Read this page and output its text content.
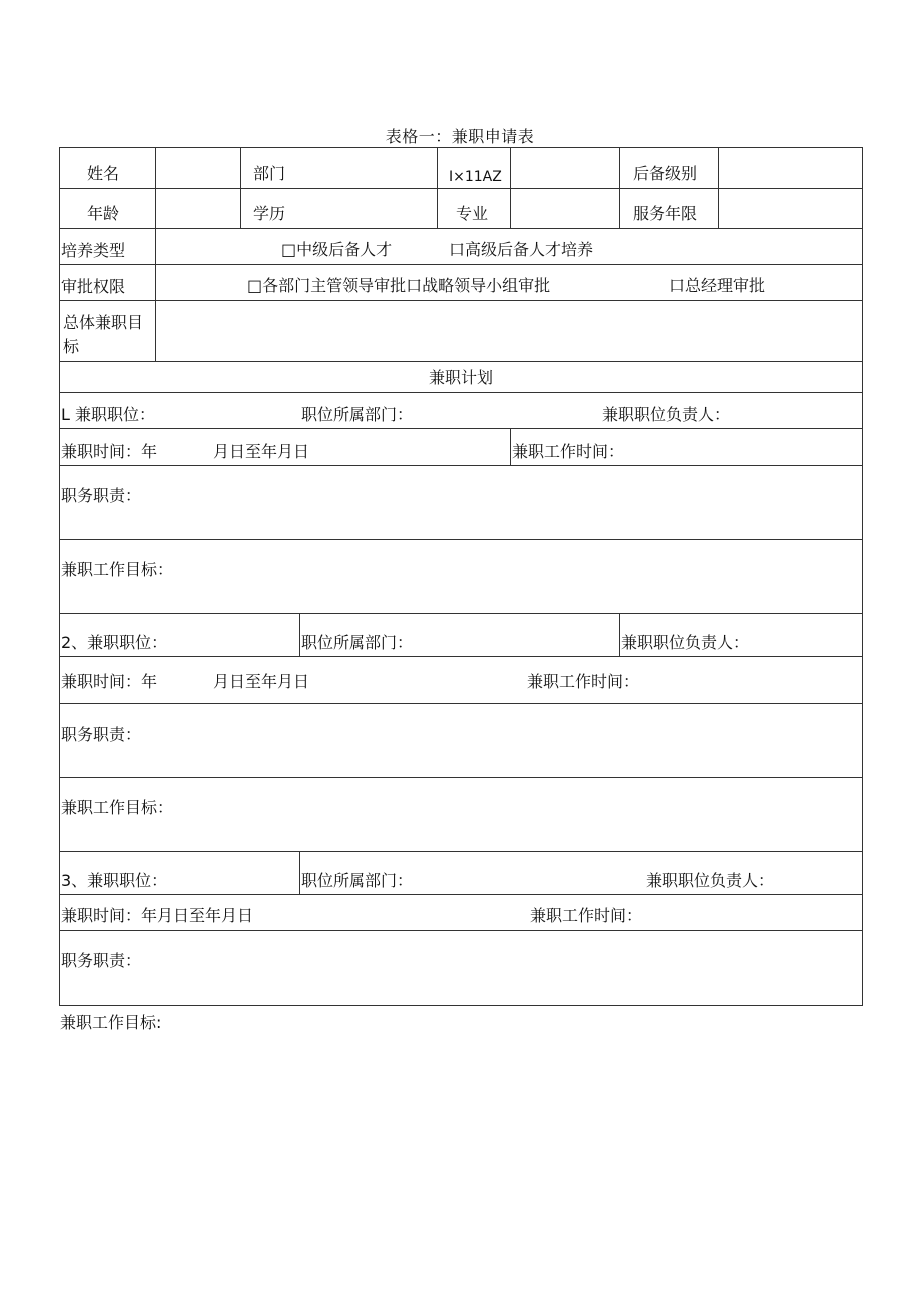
表格一：兼职申请表
姓名	部门	I×11AZ	后备级别
年龄	学历	专业	服务年限
培养类型	□中级后备人才	口高级后备人才培养
审批权限	□各部门主管领导审批口战略领导小组审批	口总经理审批
总体兼职目标
兼职计划
L 兼职职位：	职位所属部门：	兼职职位负责人：
兼职时间：年	月日至年月日	兼职工作时间：
职务职责：
兼职工作目标：
2、兼职职位：	职位所属部门：	兼职职位负责人：
兼职时间：年	月日至年月日	兼职工作时间：
职务职责：
兼职工作目标：
3、兼职职位：	职位所属部门：	兼职职位负责人：
兼职时间：年月日至年月日	兼职工作时间：
职务职责：
兼职工作目标:
